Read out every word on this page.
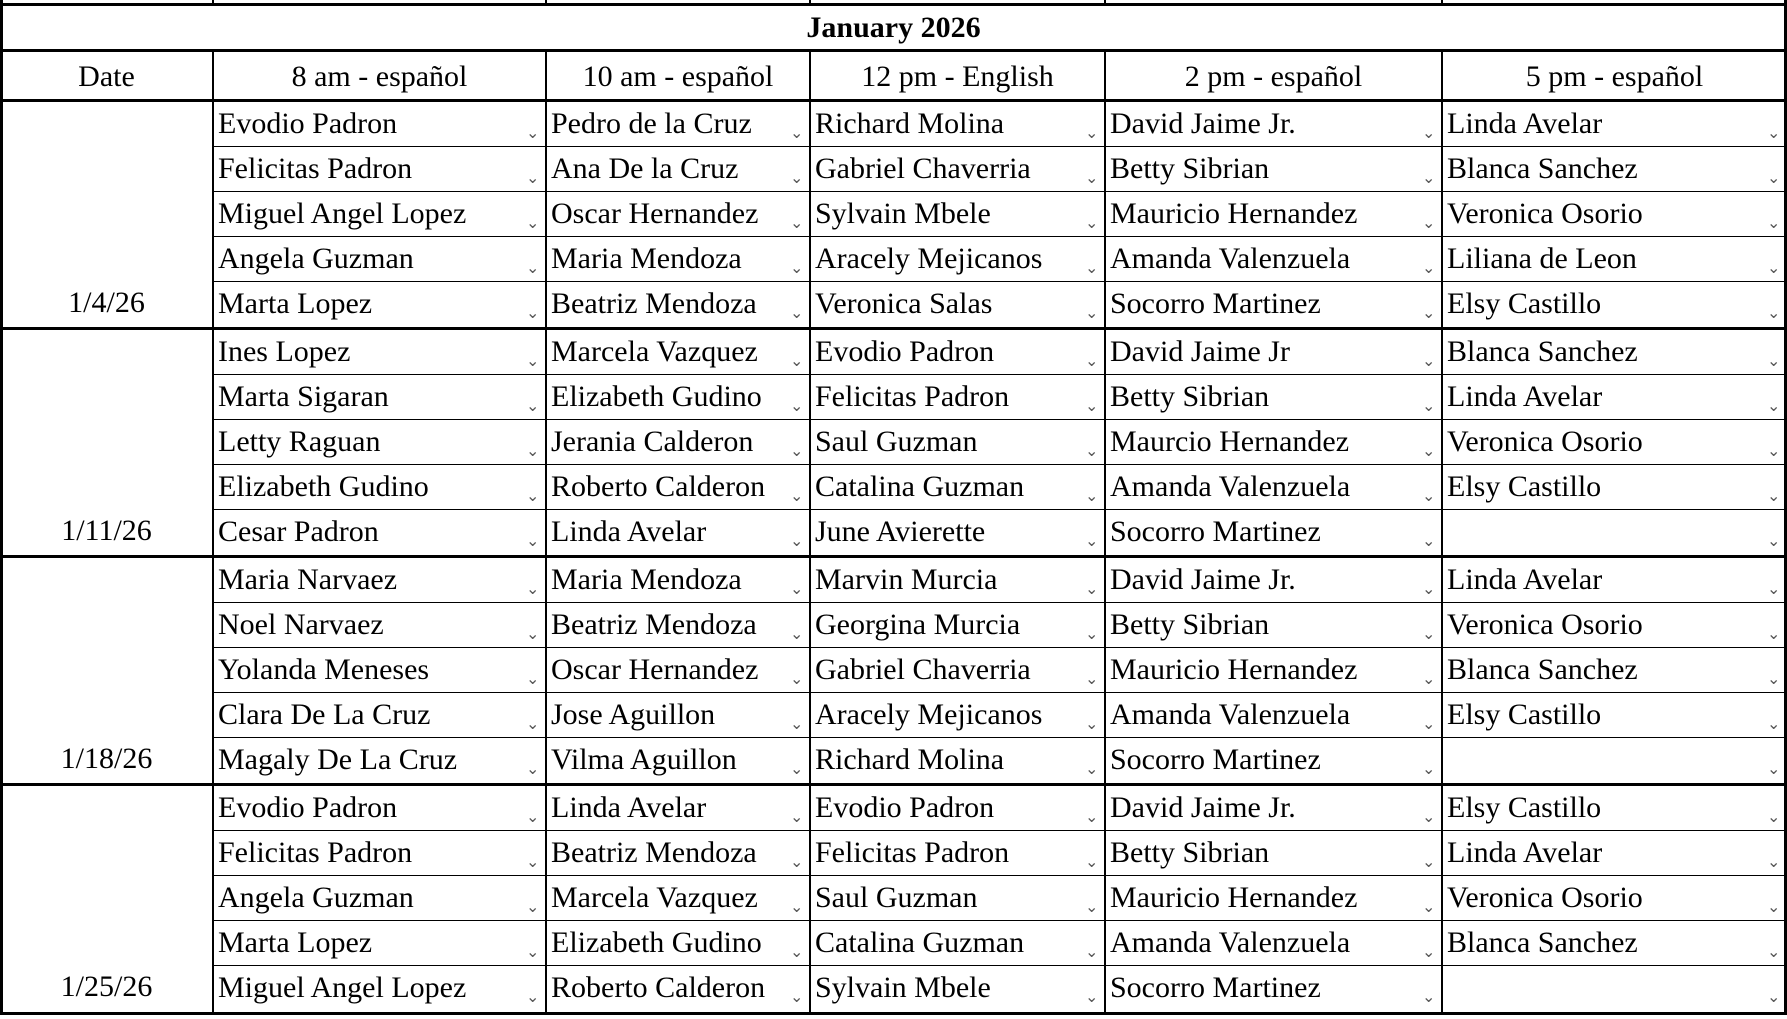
January 2026
Date	8 am - español	10 am - español	12 pm - English	2 pm - español	5 pm - español
1/4/26
Evodio Padron	⌄ Pedro de la Cruz	⌄ Richard Molina	⌄ David Jaime Jr.	⌄ Linda Avelar	⌄
Felicitas Padron	⌄ Ana De la Cruz	⌄ Gabriel Chaverria	⌄ Betty Sibrian	⌄ Blanca Sanchez	⌄
Miguel Angel Lopez	⌄ Oscar Hernandez	⌄ Sylvain Mbele	⌄ Mauricio Hernandez	⌄ Veronica Osorio	⌄
Angela Guzman	⌄ Maria Mendoza	⌄ Aracely Mejicanos	⌄ Amanda Valenzuela	⌄ Liliana de Leon	⌄
Marta Lopez	⌄ Beatriz Mendoza	⌄ Veronica Salas	⌄ Socorro Martinez	⌄ Elsy Castillo	⌄
1/11/26
Ines Lopez	⌄ Marcela Vazquez	⌄ Evodio Padron	⌄ David Jaime Jr	⌄ Blanca Sanchez	⌄
Marta Sigaran	⌄ Elizabeth Gudino	⌄ Felicitas Padron	⌄ Betty Sibrian	⌄ Linda Avelar	⌄
Letty Raguan	⌄ Jerania Calderon	⌄ Saul Guzman	⌄ Maurcio Hernandez	⌄ Veronica Osorio	⌄
Elizabeth Gudino	⌄ Roberto Calderon	⌄ Catalina Guzman	⌄ Amanda Valenzuela	⌄ Elsy Castillo	⌄
Cesar Padron	⌄ Linda Avelar	⌄ June Avierette	⌄ Socorro Martinez	⌄	⌄
1/18/26
Maria Narvaez	⌄ Maria Mendoza	⌄ Marvin Murcia	⌄ David Jaime Jr.	⌄ Linda Avelar	⌄
Noel Narvaez	⌄ Beatriz Mendoza	⌄ Georgina Murcia	⌄ Betty Sibrian	⌄ Veronica Osorio	⌄
Yolanda Meneses	⌄ Oscar Hernandez	⌄ Gabriel Chaverria	⌄ Mauricio Hernandez	⌄ Blanca Sanchez	⌄
Clara De La Cruz	⌄ Jose Aguillon	⌄ Aracely Mejicanos	⌄ Amanda Valenzuela	⌄ Elsy Castillo	⌄
Magaly De La Cruz	⌄ Vilma Aguillon	⌄ Richard Molina	⌄ Socorro Martinez	⌄	⌄
1/25/26
Evodio Padron	⌄ Linda Avelar	⌄ Evodio Padron	⌄ David Jaime Jr.	⌄ Elsy Castillo	⌄
Felicitas Padron	⌄ Beatriz Mendoza	⌄ Felicitas Padron	⌄ Betty Sibrian	⌄ Linda Avelar	⌄
Angela Guzman	⌄ Marcela Vazquez	⌄ Saul Guzman	⌄ Mauricio Hernandez	⌄ Veronica Osorio	⌄
Marta Lopez	⌄ Elizabeth Gudino	⌄ Catalina Guzman	⌄ Amanda Valenzuela	⌄ Blanca Sanchez	⌄
Miguel Angel Lopez	⌄ Roberto Calderon	⌄ Sylvain Mbele	⌄ Socorro Martinez	⌄	⌄
